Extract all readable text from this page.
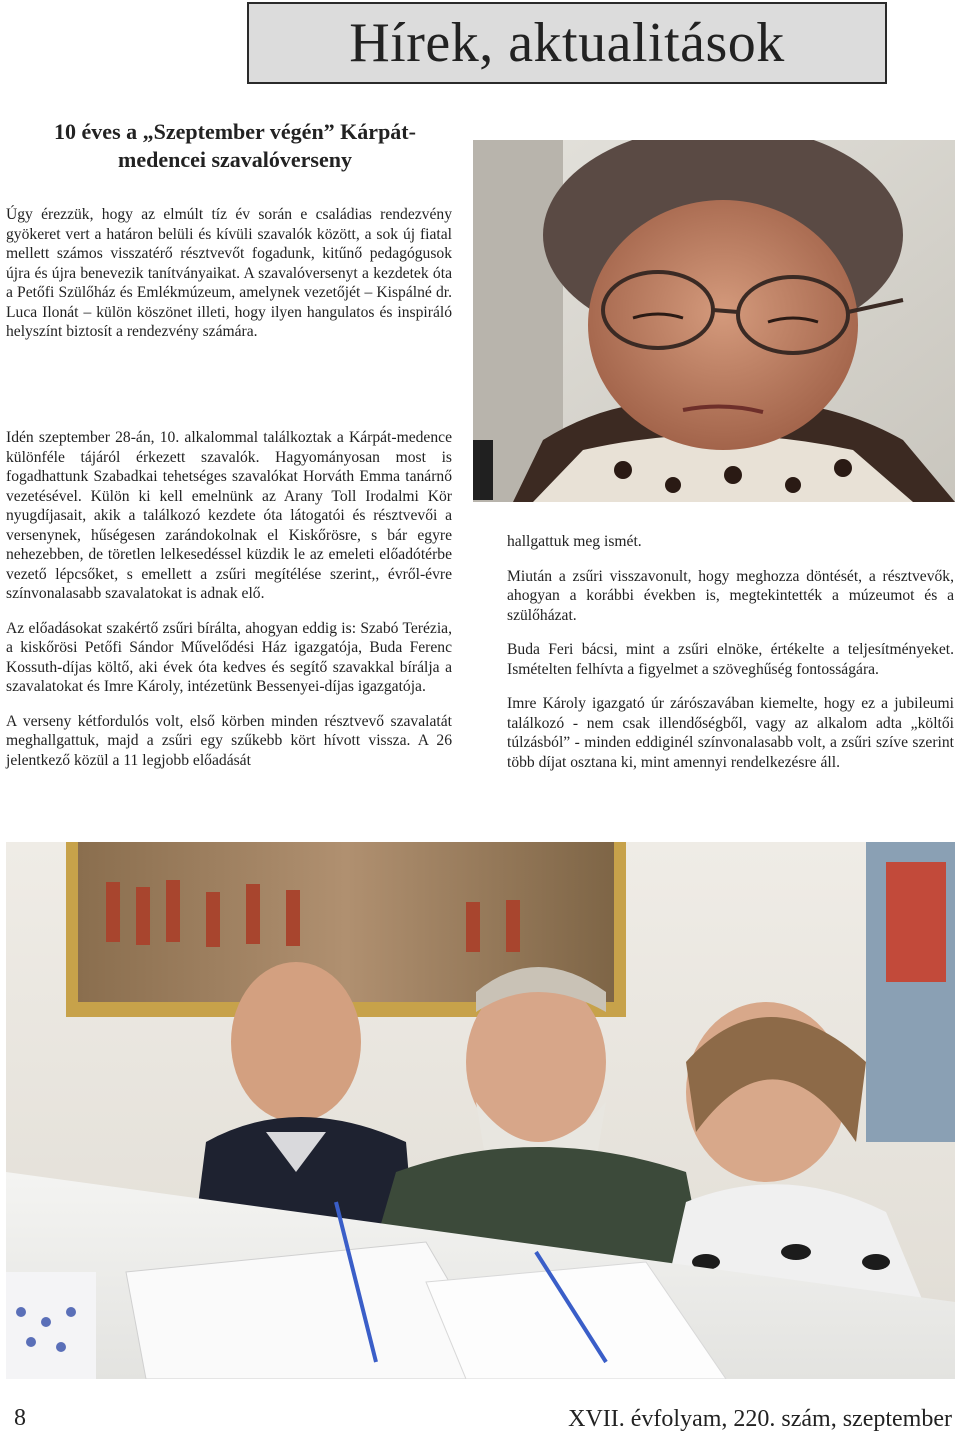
Hírek, aktualitások
10 éves a „Szeptember végén” Kárpát-medencei szavalóverseny

Úgy érezzük, hogy az elmúlt tíz év során e családias rendezvény gyökeret vert a határon belüli és kívüli szavalók között, a sok új fiatal mellett számos visszatérő résztvevőt fogadunk, kitűnő pedagógusok újra és újra benevezik tanítványaikat. A szavalóversenyt a kezdetek óta a Petőfi Szülőház és Emlékmúzeum, amelynek vezetőjét – Kispálné dr. Luca Ilonát – külön köszönet illeti, hogy ilyen hangulatos és inspiráló helyszínt biztosít a rendezvény számára.

Idén szeptember 28-án, 10. alkalommal találkoztak a Kárpát-medence különféle tájáról érkezett szavalók. Hagyományosan most is fogadhattunk Szabadkai tehetséges szavalókat Horváth Emma tanárnő vezetésével. Külön ki kell emelnünk az Arany Toll Irodalmi Kör nyugdíjasait, akik a találkozó kezdete óta látogatói és résztvevői a versenynek, hűségesen zarándokolnak el Kiskőrösre, s bár egyre nehezebben, de töretlen lelkesedéssel küzdik le az emeleti előadótérbe vezető lépcsőket, s emellett a zsűri megítélése szerint,, évről-évre színvonalasabb szavalatokat is adnak elő.

Az előadásokat szakértő zsűri bírálta, ahogyan eddig is: Szabó Terézia, a kiskőrösi Petőfi Sándor Művelődési Ház igazgatója, Buda Ferenc Kossuth-díjas költő, aki évek óta kedves és segítő szavakkal bírálja a szavalatokat és Imre Károly, intézetünk Bessenyei-díjas igazgatója.

A verseny kétfordulós volt, első körben minden résztvevő szavalatát meghallgattuk, majd a zsűri egy szűkebb kört hívott vissza. A 26 jelentkező közül a 11 legjobb előadását

hallgattuk meg ismét.

Miután a zsűri visszavonult, hogy meghozza döntését, a résztvevők, ahogyan a korábbi években is, megtekintették a múzeumot és a szülőházat.

Buda Feri bácsi, mint a zsűri elnöke, értékelte a teljesítményeket. Ismételten felhívta a figyelmet a szöveghűség fontosságára.

Imre Károly igazgató úr zárószavában kiemelte, hogy ez a jubileumi találkozó - nem csak illendőségből, vagy az alkalom adta „költői túlzásból” - minden eddiginél színvonalasabb volt, a zsűri szíve szerint több díjat osztana ki, mint amennyi rendelkezésre áll.

8	XVII. évfolyam, 220. szám, szeptember
